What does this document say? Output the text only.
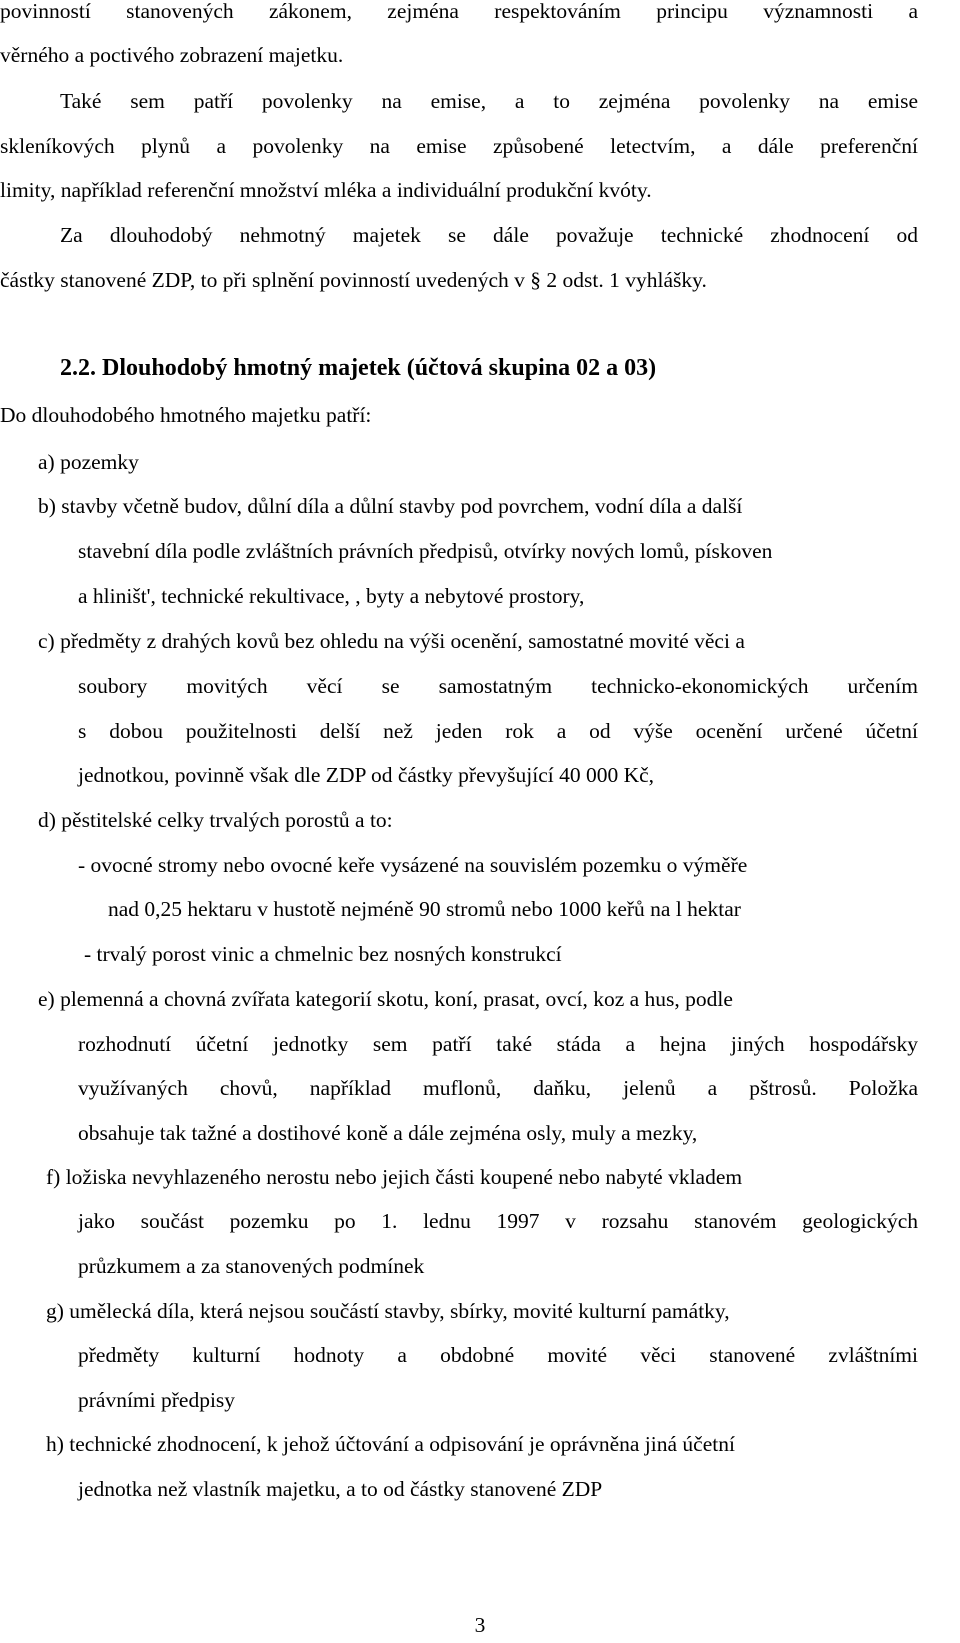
povinností stanovených zákonem, zejména respektováním principu významnosti a
věrného a poctivého zobrazení majetku.
Také sem patří povolenky na emise, a to zejména povolenky na emise
skleníkových plynů a povolenky na emise způsobené letectvím, a dále preferenční
limity, například referenční množství mléka a individuální produkční kvóty.
Za dlouhodobý nehmotný majetek se dále považuje technické zhodnocení od
částky stanovené ZDP, to při splnění povinností uvedených v § 2 odst. 1 vyhlášky.
2.2. Dlouhodobý hmotný majetek (účtová skupina 02 a 03)
Do dlouhodobého hmotného majetku patří:
a) pozemky
b) stavby včetně budov, důlní díla a důlní stavby pod povrchem, vodní díla a další
stavební díla podle zvláštních právních předpisů, otvírky nových lomů, pískoven
a hliništ', technické rekultivace, , byty a nebytové prostory,
c) předměty z drahých kovů bez ohledu na výši ocenění, samostatné movité věci a
soubory movitých věcí se samostatným technicko-ekonomických určením
s dobou použitelnosti delší než jeden rok a od výše ocenění určené účetní
jednotkou, povinně však dle ZDP od částky převyšující 40 000 Kč,
d) pěstitelské celky trvalých porostů a to:
- ovocné stromy nebo ovocné keře vysázené na souvislém pozemku o výměře
nad 0,25 hektaru v hustotě nejméně 90 stromů nebo 1000 keřů na l hektar
- trvalý porost vinic a chmelnic bez nosných konstrukcí
e) plemenná a chovná zvířata kategorií skotu, koní, prasat, ovcí, koz a hus, podle
rozhodnutí účetní jednotky sem patří také stáda a hejna jiných hospodářsky
využívaných chovů, například muflonů, daňku, jelenů a pštrosů. Položka
obsahuje tak tažné a dostihové koně a dále zejména osly, muly a mezky,
f) ložiska nevyhlazeného nerostu nebo jejich části koupené nebo nabyté vkladem
jako součást pozemku po 1. lednu 1997 v rozsahu stanovém geologických
průzkumem a za stanovených podmínek
g) umělecká díla, která nejsou součástí stavby, sbírky, movité kulturní památky,
předměty kulturní hodnoty a obdobné movité věci stanovené zvláštními
právními předpisy
h) technické zhodnocení, k jehož účtování a odpisování je oprávněna jiná účetní
jednotka než vlastník majetku, a to od částky stanovené ZDP
3
